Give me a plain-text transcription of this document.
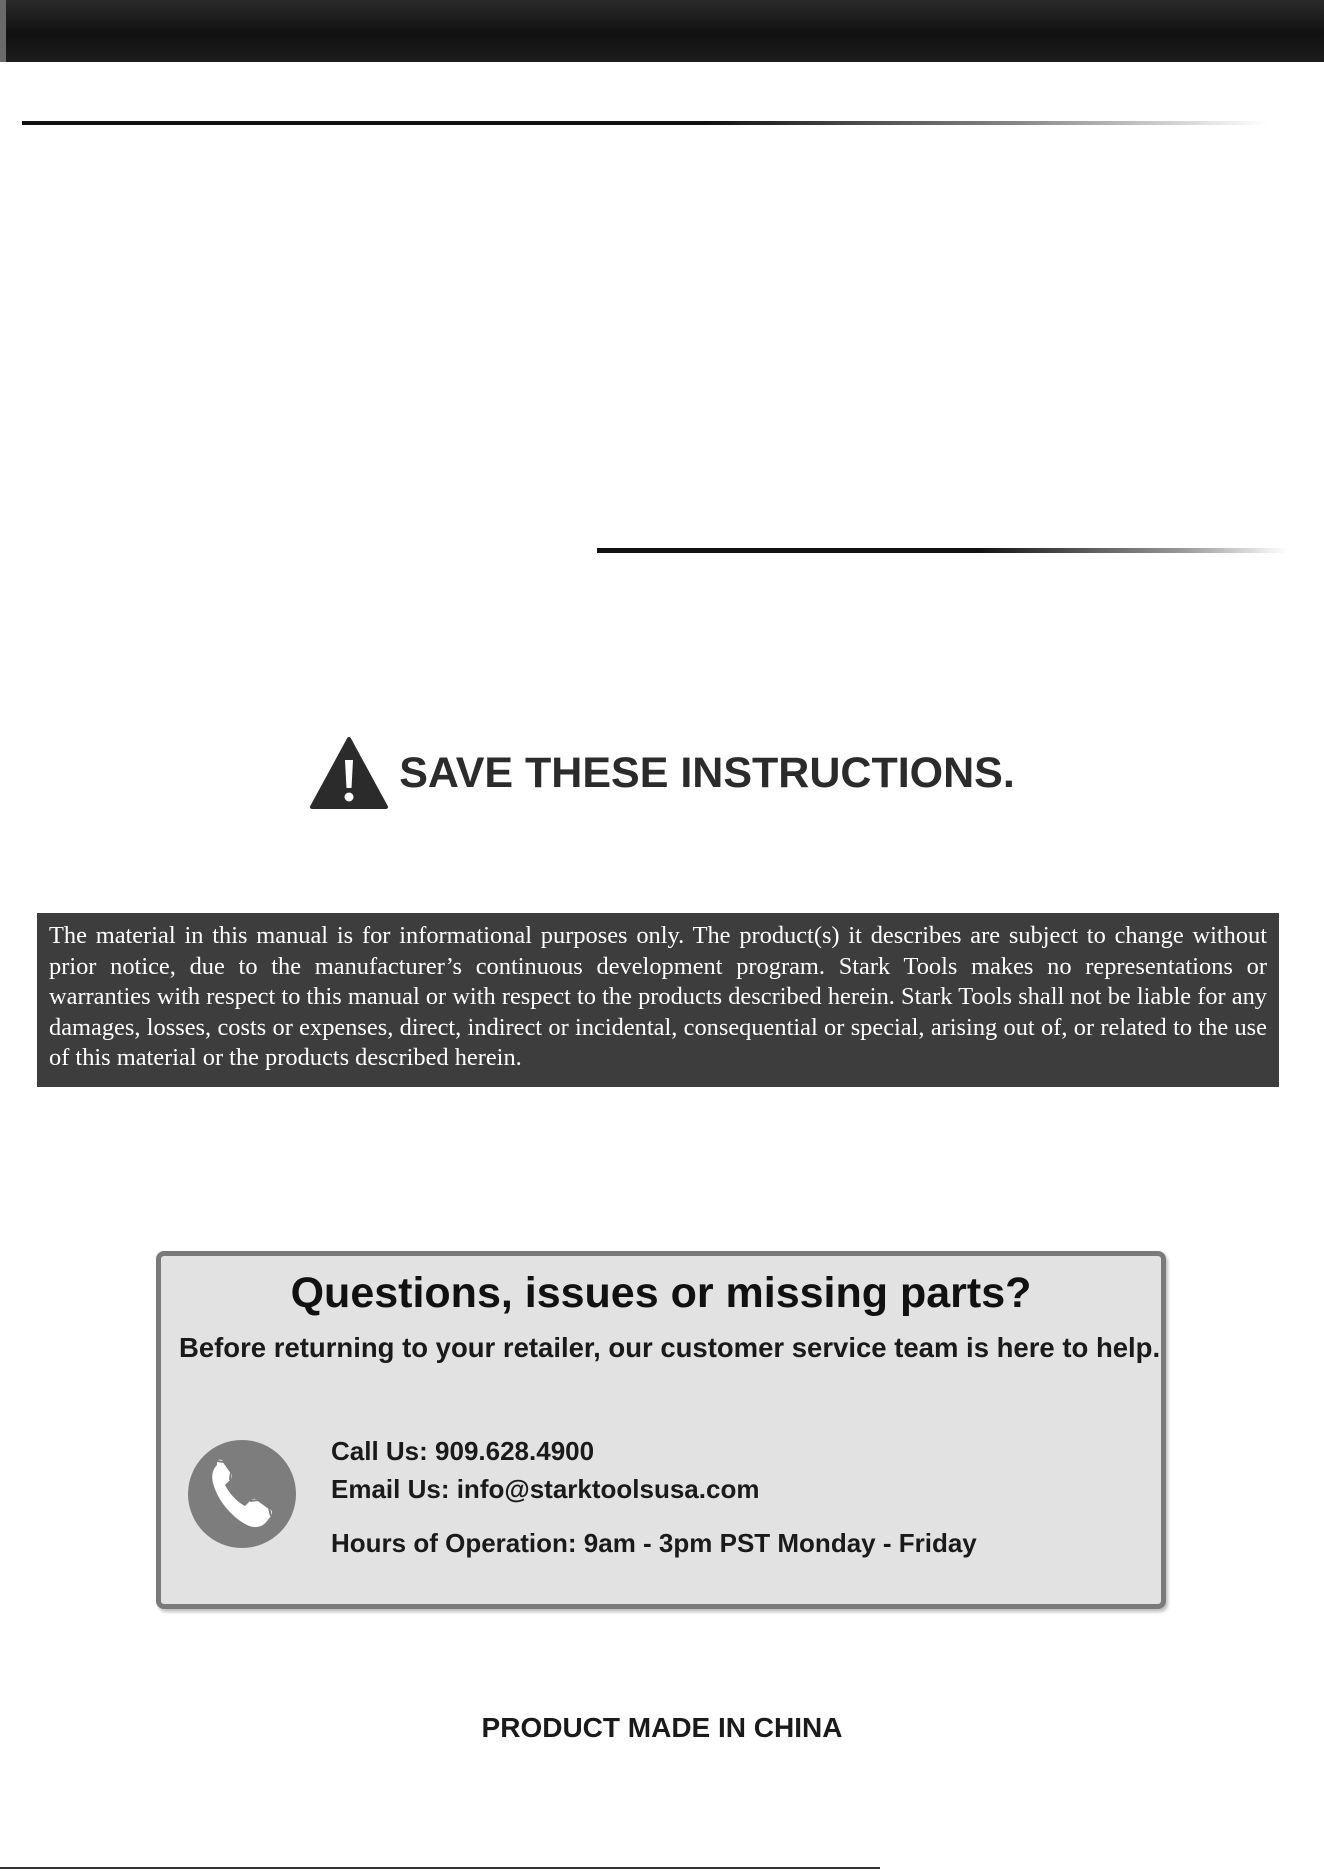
SAVE THESE INSTRUCTIONS.
The material in this manual is for informational purposes only. The product(s) it describes are subject to change without prior notice, due to the manufacturer’s continuous development program. Stark Tools makes no representations or warranties with respect to this manual or with respect to the products described herein. Stark Tools shall not be liable for any damages, losses, costs or expenses, direct, indirect or incidental, consequential or special, arising out of, or related to the use of this material or the products described herein.
Questions, issues or missing parts?
Before returning to your retailer, our customer service team is here to help.
Call Us: 909.628.4900
Email Us: info@starktoolsusa.com
Hours of Operation: 9am - 3pm PST Monday - Friday
PRODUCT MADE IN CHINA
